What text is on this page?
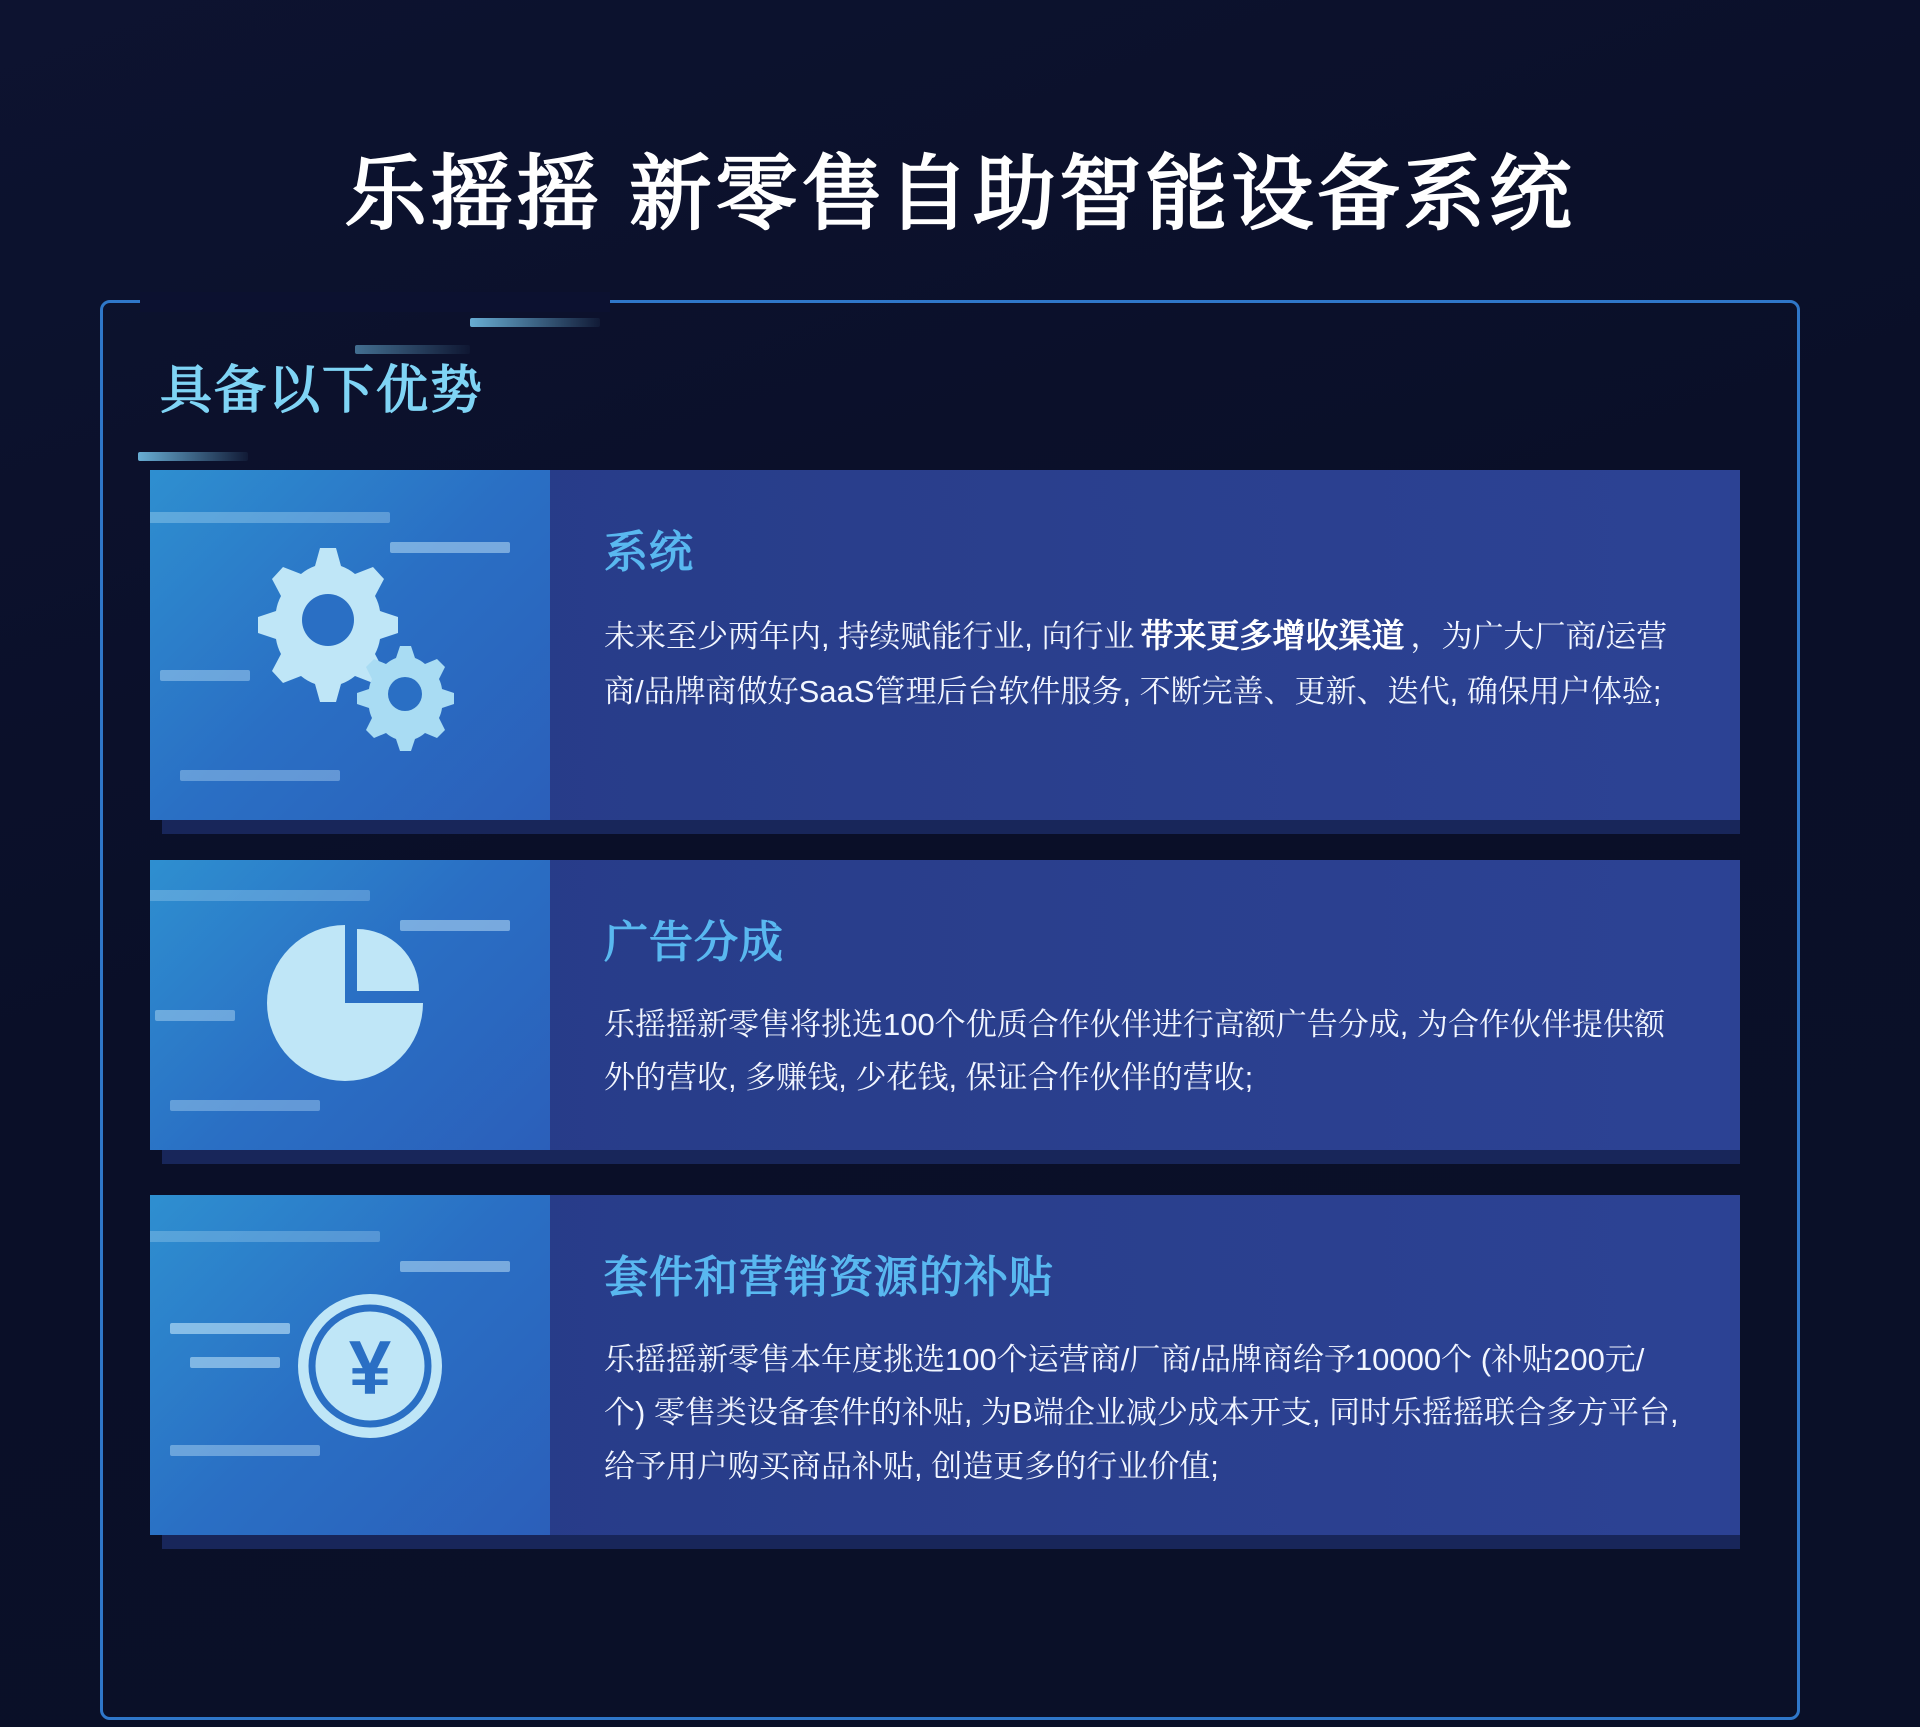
乐摇摇 新零售自助智能设备系统
具备以下优势
系统
未来至少两年内, 持续赋能行业, 向行业 带来更多增收渠道 ，为广大厂商/运营商/品牌商做好SaaS管理后台软件服务, 不断完善、更新、迭代, 确保用户体验;
广告分成
乐摇摇新零售将挑选100个优质合作伙伴进行高额广告分成, 为合作伙伴提供额外的营收, 多赚钱, 少花钱, 保证合作伙伴的营收;
¥
套件和营销资源的补贴
乐摇摇新零售本年度挑选100个运营商/厂商/品牌商给予10000个 (补贴200元/个) 零售类设备套件的补贴, 为B端企业减少成本开支, 同时乐摇摇联合多方平台, 给予用户购买商品补贴, 创造更多的行业价值;
